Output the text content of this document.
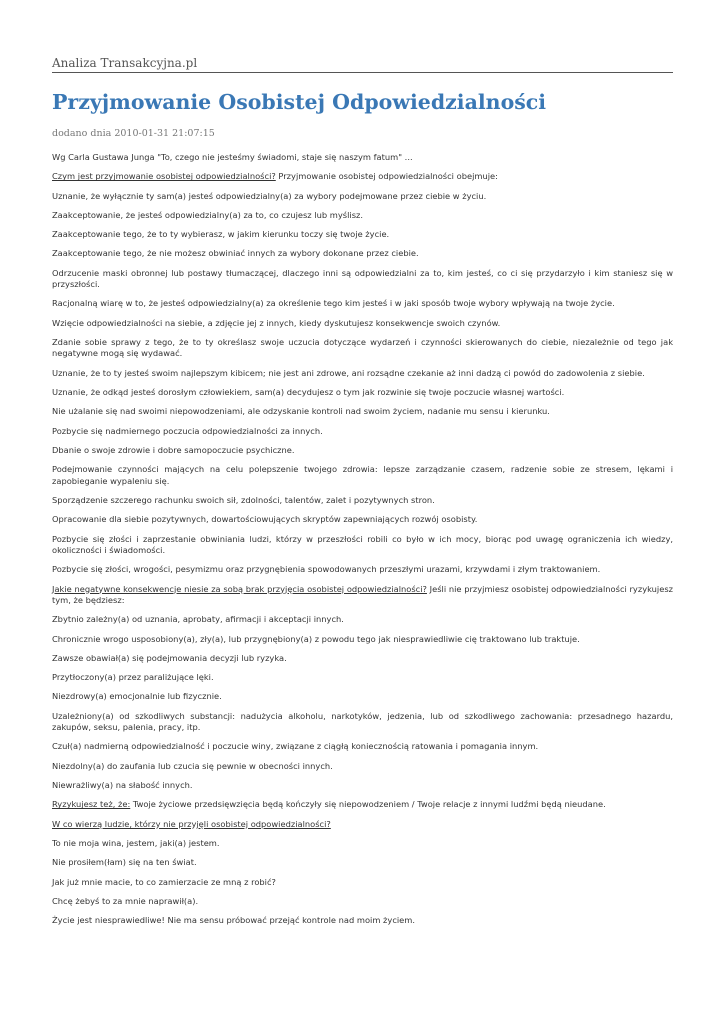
Analiza Transakcyjna.pl
Przyjmowanie Osobistej Odpowiedzialności
dodano dnia 2010-01-31 21:07:15

Wg Carla Gustawa Junga "To, czego nie jesteśmy świadomi, staje się naszym fatum" ...

Czym jest przyjmowanie osobistej odpowiedzialności? Przyjmowanie osobistej odpowiedzialności obejmuje:

Uznanie, że wyłącznie ty sam(a) jesteś odpowiedzialny(a) za wybory podejmowane przez ciebie w życiu.

Zaakceptowanie, że jesteś odpowiedzialny(a) za to, co czujesz lub myślisz.

Zaakceptowanie tego, że to ty wybierasz, w jakim kierunku toczy się twoje życie.

Zaakceptowanie tego, że nie możesz obwiniać innych za wybory dokonane przez ciebie.

Odrzucenie maski obronnej lub postawy tłumaczącej, dlaczego inni są odpowiedzialni za to, kim jesteś, co ci się przydarzyło i kim staniesz się w przyszłości.

Racjonalną wiarę w to, że jesteś odpowiedzialny(a) za określenie tego kim jesteś i w jaki sposób twoje wybory wpływają na twoje życie.

Wzięcie odpowiedzialności na siebie, a zdjęcie jej z innych, kiedy dyskutujesz konsekwencje swoich czynów.

Zdanie sobie sprawy z tego, że to ty określasz swoje uczucia dotyczące wydarzeń i czynności skierowanych do ciebie, niezależnie od tego jak negatywne mogą się wydawać.

Uznanie, że to ty jesteś swoim najlepszym kibicem; nie jest ani zdrowe, ani rozsądne czekanie aż inni dadzą ci powód do zadowolenia z siebie.

Uznanie, że odkąd jesteś dorosłym człowiekiem, sam(a) decydujesz o tym jak rozwinie się twoje poczucie własnej wartości.

Nie użalanie się nad swoimi niepowodzeniami, ale odzyskanie kontroli nad swoim życiem, nadanie mu sensu i kierunku.

Pozbycie się nadmiernego poczucia odpowiedzialności za innych.

Dbanie o swoje zdrowie i dobre samopoczucie psychiczne.

Podejmowanie czynności mających na celu polepszenie twojego zdrowia: lepsze zarządzanie czasem, radzenie sobie ze stresem, lękami i zapobieganie wypaleniu się.

Sporządzenie szczerego rachunku swoich sił, zdolności, talentów, zalet i pozytywnych stron.

Opracowanie dla siebie pozytywnych, dowartościowujących skryptów zapewniających rozwój osobisty.

Pozbycie się złości i zaprzestanie obwiniania ludzi, którzy w przeszłości robili co było w ich mocy, biorąc pod uwagę ograniczenia ich wiedzy, okoliczności i świadomości.

Pozbycie się złości, wrogości, pesymizmu oraz przygnębienia spowodowanych przeszłymi urazami, krzywdami i złym traktowaniem.

Jakie negatywne konsekwencje niesie za sobą brak przyjęcia osobistej odpowiedzialności? Jeśli nie przyjmiesz osobistej odpowiedzialności ryzykujesz tym, że będziesz:

Zbytnio zależny(a) od uznania, aprobaty, afirmacji i akceptacji innych.

Chronicznie wrogo usposobiony(a), zły(a), lub przygnębiony(a) z powodu tego jak niesprawiedliwie cię traktowano lub traktuje.

Zawsze obawiał(a) się podejmowania decyzji lub ryzyka.

Przytłoczony(a) przez paraliżujące lęki.

Niezdrowy(a) emocjonalnie lub fizycznie.

Uzależniony(a) od szkodliwych substancji: nadużycia alkoholu, narkotyków, jedzenia, lub od szkodliwego zachowania: przesadnego hazardu, zakupów, seksu, palenia, pracy, itp.

Czuł(a) nadmierną odpowiedzialność i poczucie winy, związane z ciągłą koniecznością ratowania i pomagania innym.

Niezdolny(a) do zaufania lub czucia się pewnie w obecności innych.

Niewrażliwy(a) na słabość innych.

Ryzykujesz też, że: Twoje życiowe przedsięwzięcia będą kończyły się niepowodzeniem / Twoje relacje z innymi ludźmi będą nieudane.

W co wierzą ludzie, którzy nie przyjęli osobistej odpowiedzialności?

To nie moja wina, jestem, jaki(a) jestem.

Nie prosiłem(łam) się na ten świat.

Jak już mnie macie, to co zamierzacie ze mną z robić?

Chcę żebyś to za mnie naprawił(a).

Życie jest niesprawiedliwe! Nie ma sensu próbować przejąć kontrole nad moim życiem.
